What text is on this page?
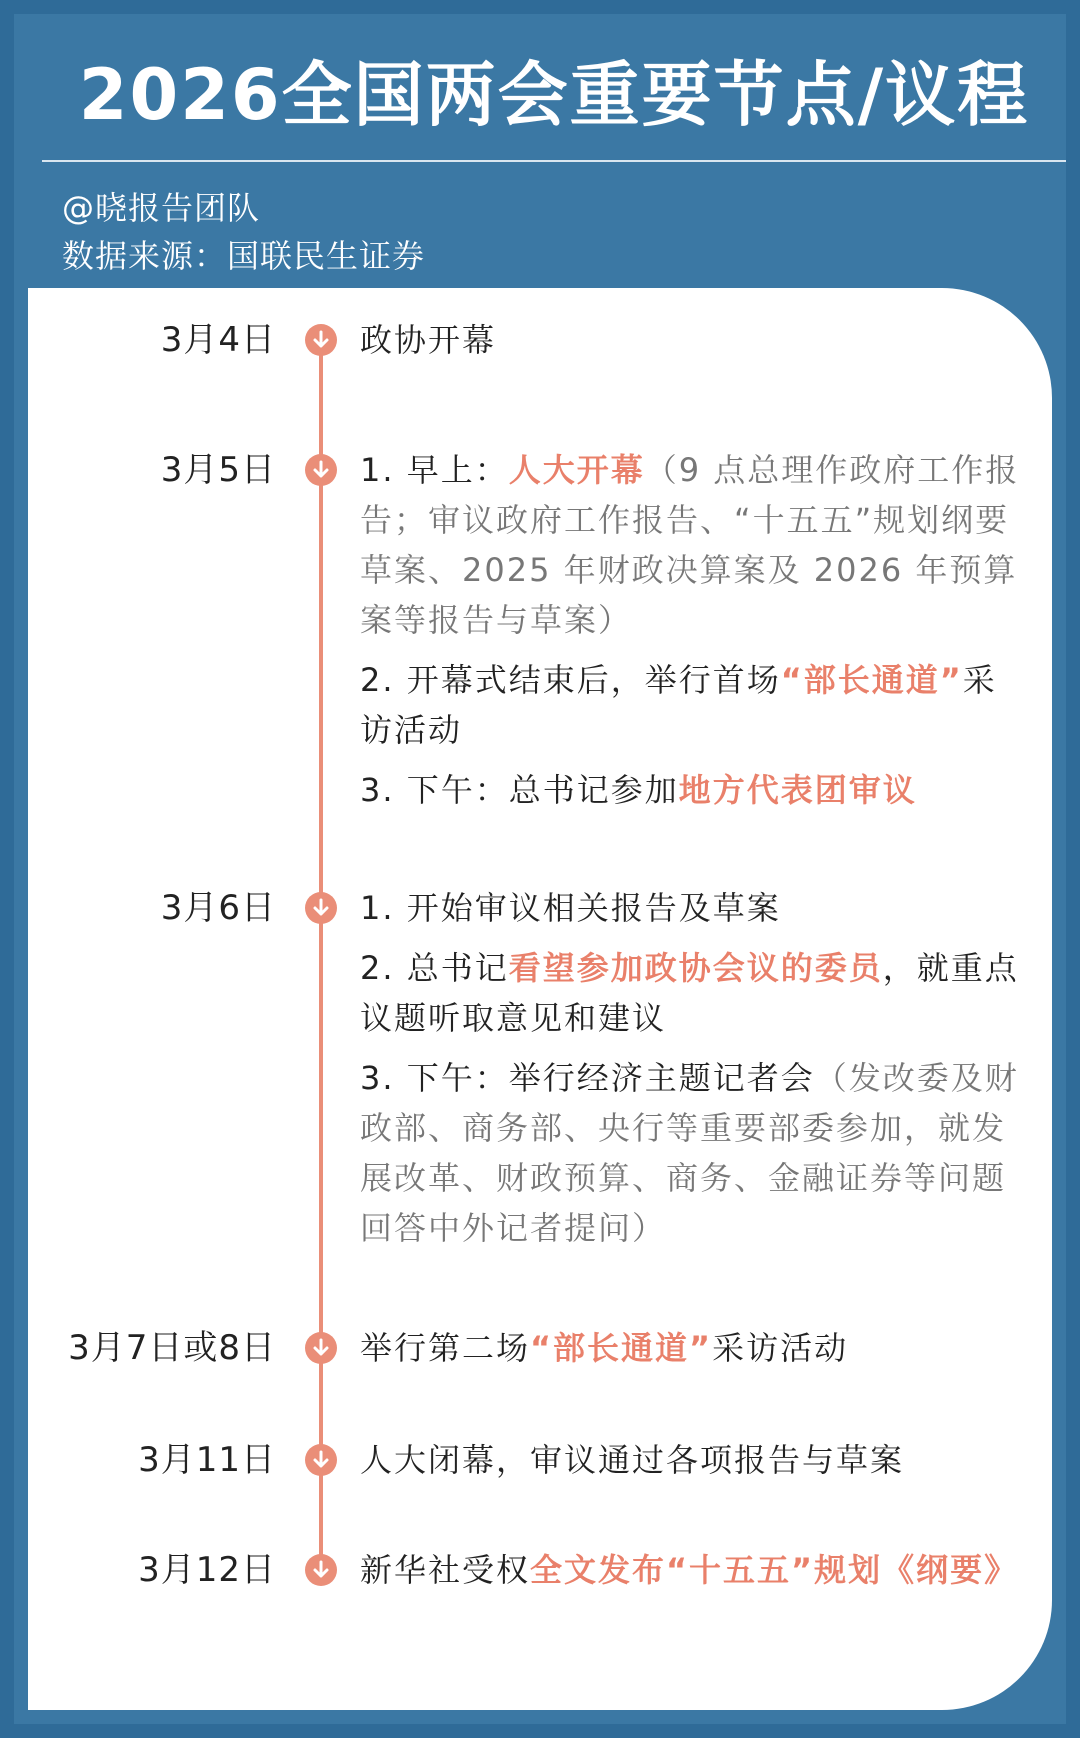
2026全国两会重要节点/议程
@晓报告团队
数据来源：国联民生证券
3月4日	政协开幕

3月5日	1. 早上：人大开幕（9 点总理作政府工作报告；审议政府工作报告、“十五五”规划纲要草案、2025 年财政决算案及 2026 年预算案等报告与草案）

2. 开幕式结束后，举行首场“部长通道”采访活动

3. 下午：总书记参加地方代表团审议

3月6日	1. 开始审议相关报告及草案

2. 总书记看望参加政协会议的委员，就重点议题听取意见和建议

3. 下午：举行经济主题记者会（发改委及财政部、商务部、央行等重要部委参加，就发展改革、财政预算、商务、金融证券等问题回答中外记者提问）

3月7日或8日	举行第二场“部长通道”采访活动

3月11日	人大闭幕，审议通过各项报告与草案

3月12日	新华社受权全文发布“十五五”规划《纲要》
